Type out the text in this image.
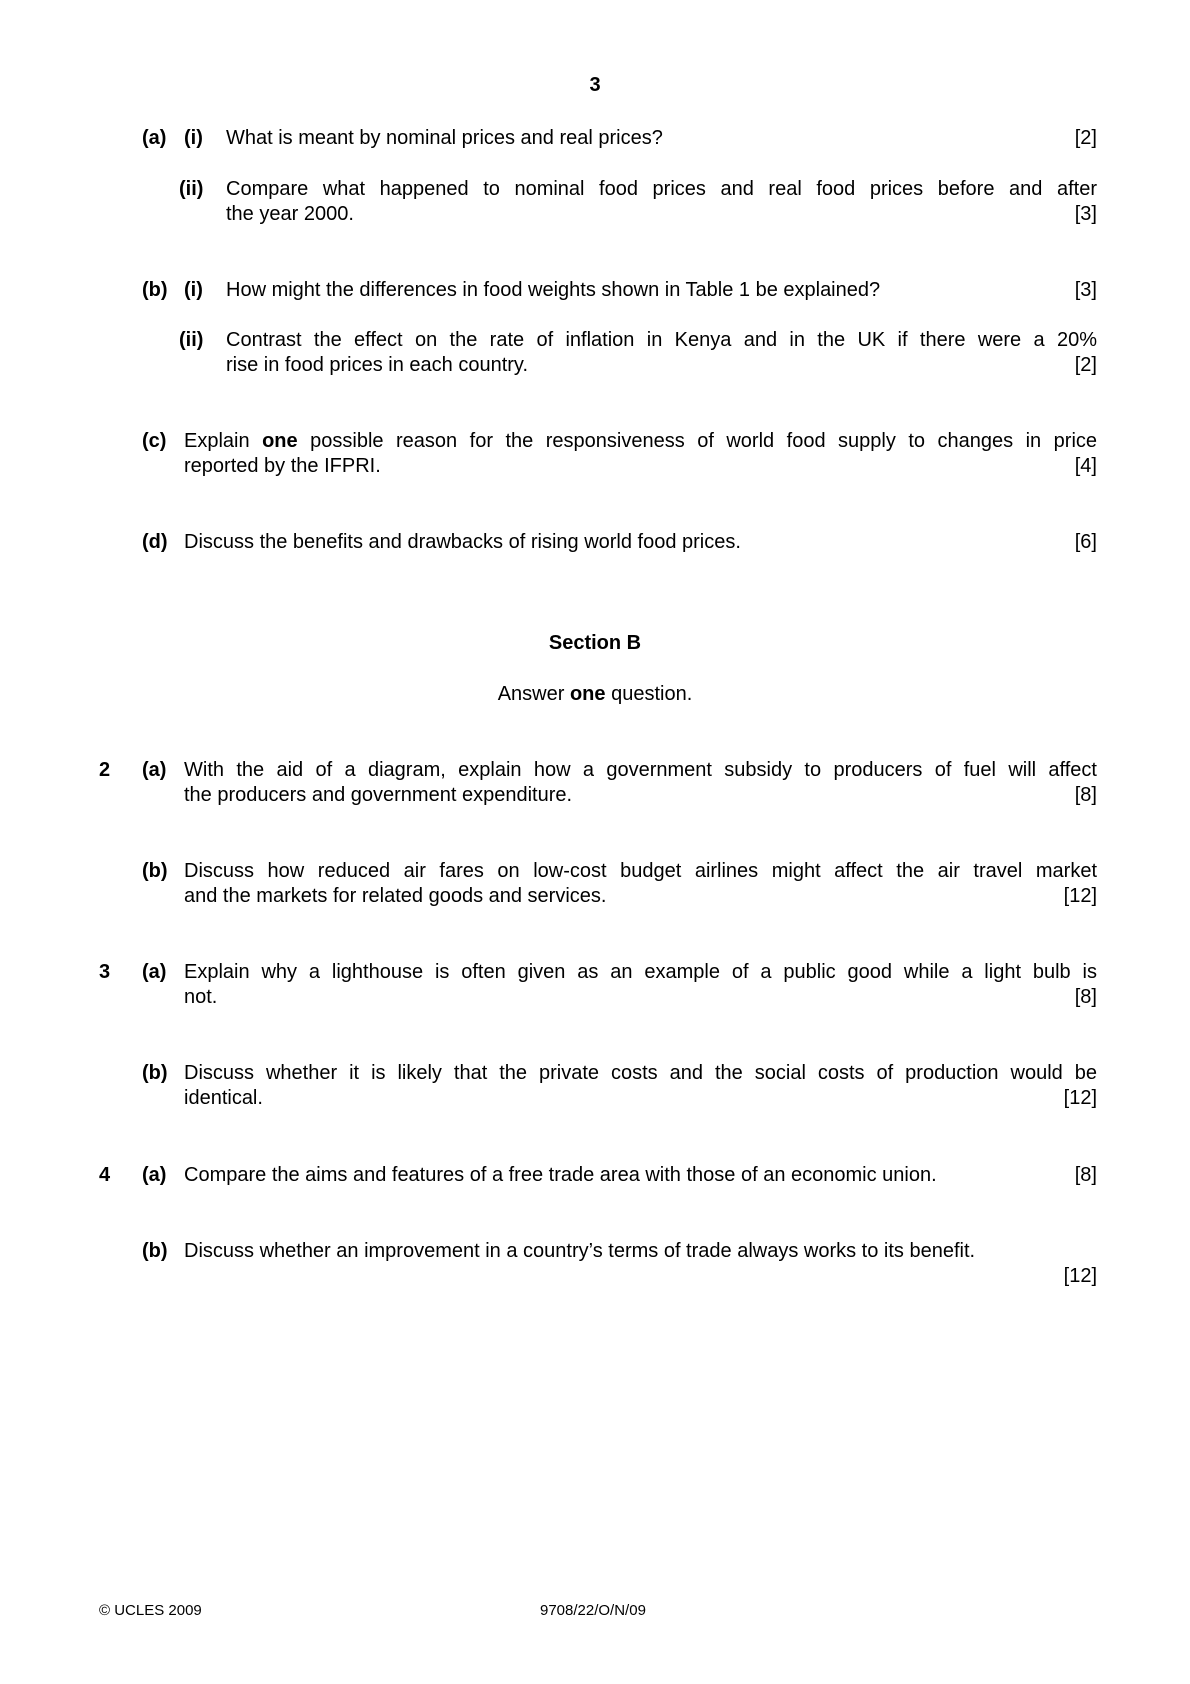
3
(a) (i) What is meant by nominal prices and real prices?	[2]
(ii) Compare what happened to nominal food prices and real food prices before and after
the year 2000.	[3]
(b) (i) How might the differences in food weights shown in Table 1 be explained?	[3]
(ii) Contrast the effect on the rate of inflation in Kenya and in the UK if there were a 20%
rise in food prices in each country.	[2]
(c) Explain one possible reason for the responsiveness of world food supply to changes in price
reported by the IFPRI.	[4]
(d) Discuss the benefits and drawbacks of rising world food prices.	[6]
Section B
Answer one question.
2 (a) With the aid of a diagram, explain how a government subsidy to producers of fuel will affect
the producers and government expenditure.	[8]
(b) Discuss how reduced air fares on low-cost budget airlines might affect the air travel market
and the markets for related goods and services.	[12]
3 (a) Explain why a lighthouse is often given as an example of a public good while a light bulb is
not.	[8]
(b) Discuss whether it is likely that the private costs and the social costs of production would be
identical.	[12]
4 (a) Compare the aims and features of a free trade area with those of an economic union.	[8]
(b) Discuss whether an improvement in a country’s terms of trade always works to its benefit.
[12]
© UCLES 2009	9708/22/O/N/09
